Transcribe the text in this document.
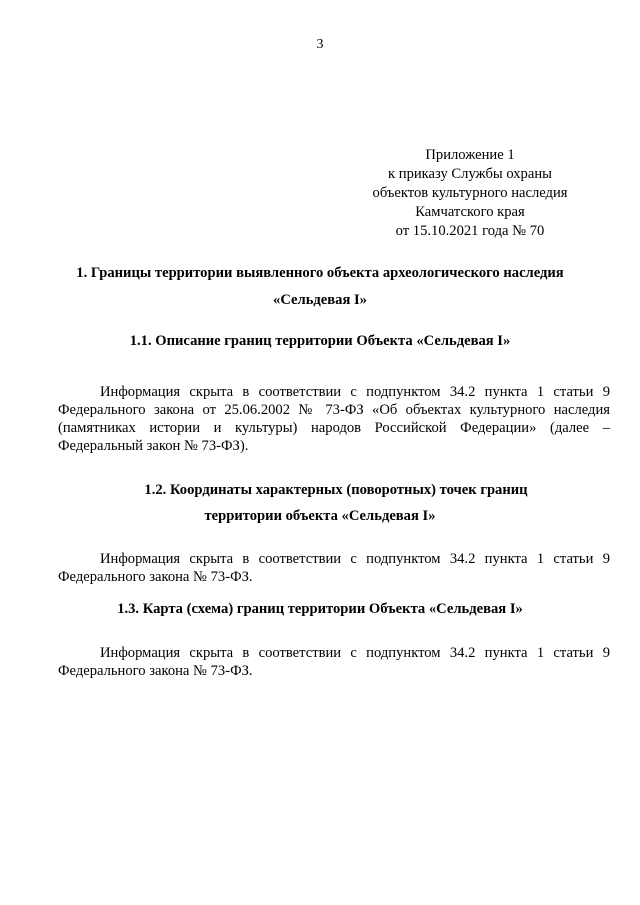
3
Приложение 1
к приказу Службы охраны
объектов культурного наследия
Камчатского края
от 15.10.2021 года № 70
1. Границы территории выявленного объекта археологического наследия
«Сельдевая I»
1.1. Описание границ территории Объекта «Сельдевая I»
Информация скрыта в соответствии с подпунктом 34.2 пункта 1 статьи 9 Федерального закона от 25.06.2002 № 73-ФЗ «Об объектах культурного наследия (памятниках истории и культуры) народов Российской Федерации» (далее – Федеральный закон № 73-ФЗ).
1.2. Координаты характерных (поворотных) точек границ
территории объекта «Сельдевая I»
Информация скрыта в соответствии с подпунктом 34.2 пункта 1 статьи 9 Федерального закона № 73-ФЗ.
1.3. Карта (схема) границ территории Объекта «Сельдевая I»
Информация скрыта в соответствии с подпунктом 34.2 пункта 1 статьи 9 Федерального закона № 73-ФЗ.
